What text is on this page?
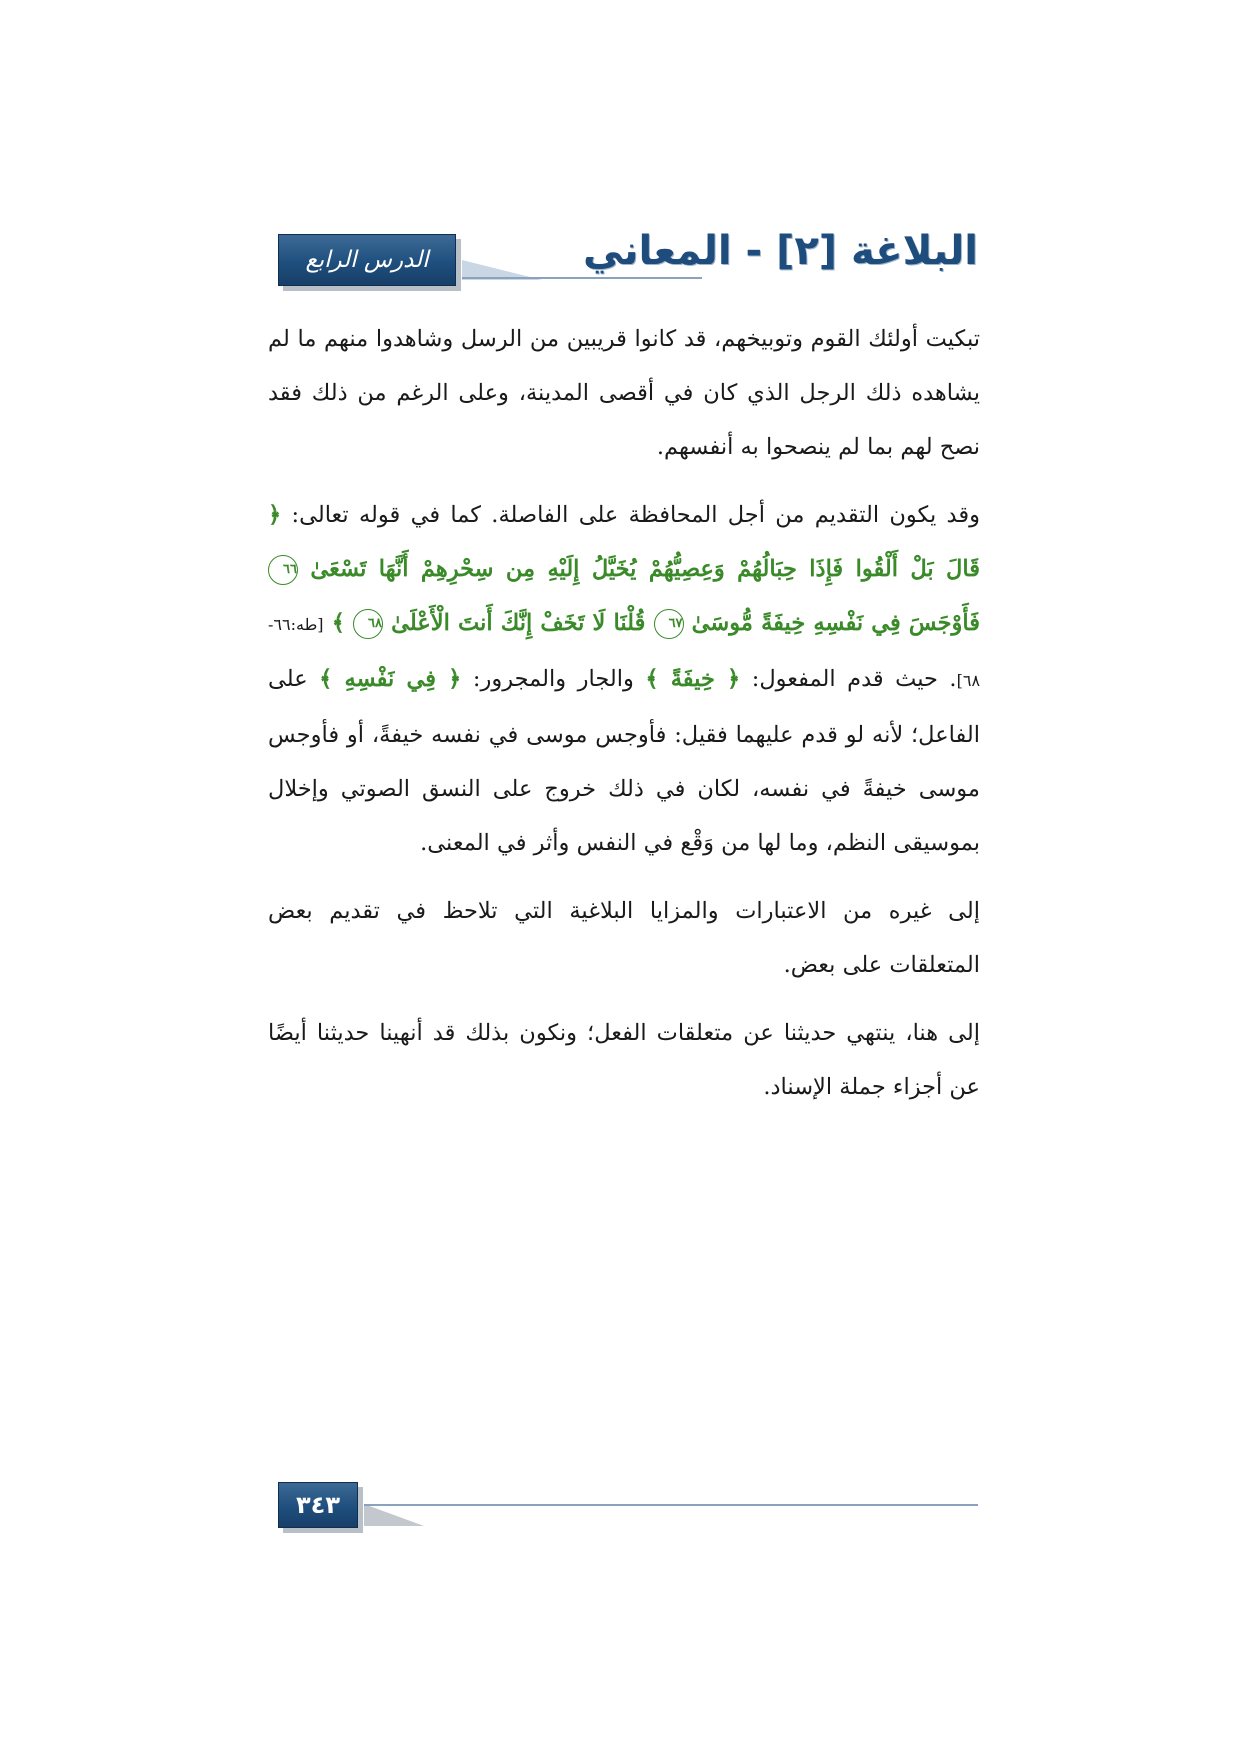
الدرس الرابع عشر
البلاغة [٢] - المعاني

تبكيت أولئك القوم وتوبيخهم، قد كانوا قريبين من الرسل وشاهدوا منهم ما لم يشاهده ذلك الرجل الذي كان في أقصى المدينة، وعلى الرغم من ذلك فقد نصح لهم بما لم ينصحوا به أنفسهم.

وقد يكون التقديم من أجل المحافظة على الفاصلة. كما في قوله تعالى: ﴿ قَالَ بَلْ أَلْقُوا فَإِذَا حِبَالُهُمْ وَعِصِيُّهُمْ يُخَيَّلُ إِلَيْهِ مِن سِحْرِهِمْ أَنَّهَا تَسْعَىٰ ٦٦ فَأَوْجَسَ فِي نَفْسِهِ خِيفَةً مُّوسَىٰ ٦٧ قُلْنَا لَا تَخَفْ إِنَّكَ أَنتَ الْأَعْلَىٰ ٦٨ ﴾ [طه:٦٦- ٦٨]. حيث قدم المفعول: ﴿ خِيفَةً ﴾ والجار والمجرور: ﴿ فِي نَفْسِهِ ﴾ على الفاعل؛ لأنه لو قدم عليهما فقيل: فأوجس موسى في نفسه خيفةً، أو فأوجس موسى خيفةً في نفسه، لكان في ذلك خروج على النسق الصوتي وإخلال بموسيقى النظم، وما لها من وَقْع في النفس وأثر في المعنى.

إلى غيره من الاعتبارات والمزايا البلاغية التي تلاحظ في تقديم بعض المتعلقات على بعض.

إلى هنا، ينتهي حديثنا عن متعلقات الفعل؛ ونكون بذلك قد أنهينا حديثنا أيضًا عن أجزاء جملة الإسناد.

٣٤٣
